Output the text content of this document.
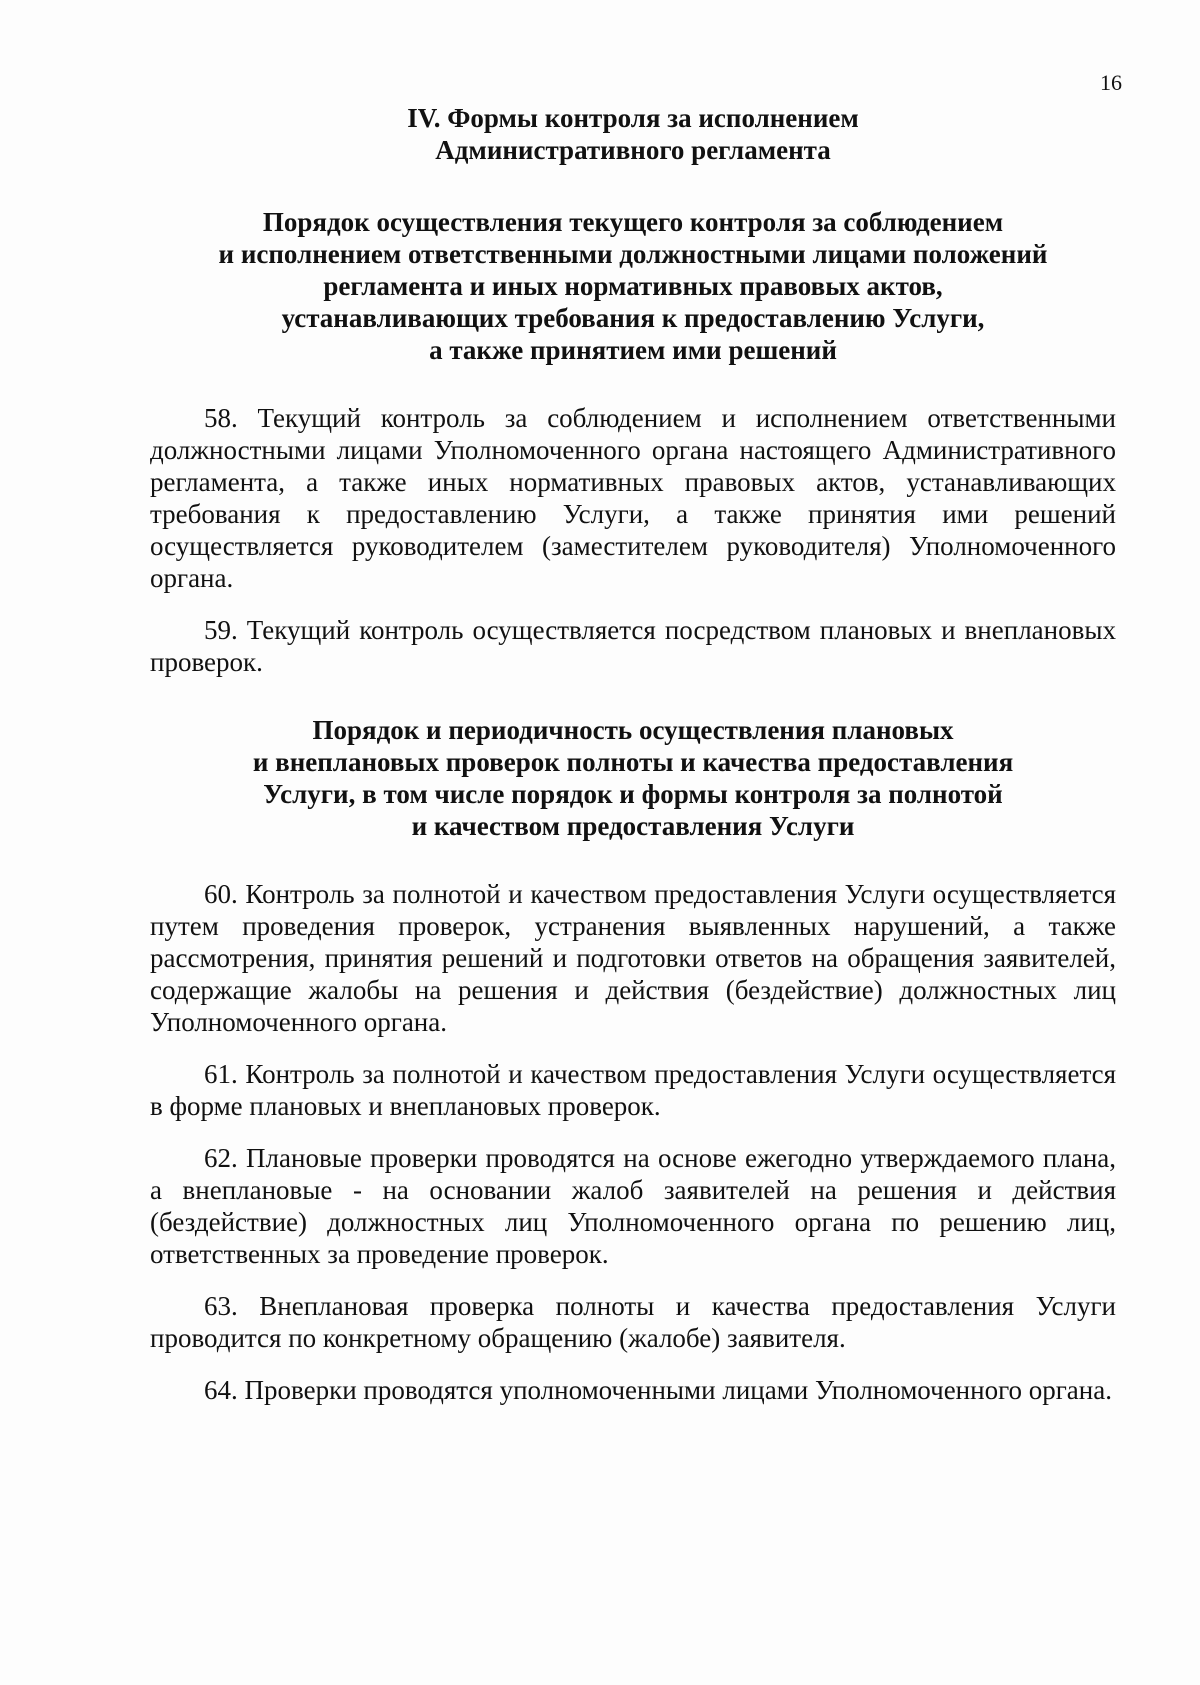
16
IV. Формы контроля за исполнением
Административного регламента
Порядок осуществления текущего контроля за соблюдением
и исполнением ответственными должностными лицами положений
регламента и иных нормативных правовых актов,
устанавливающих требования к предоставлению Услуги,
а также принятием ими решений

58. Текущий контроль за соблюдением и исполнением ответственными должностными лицами Уполномоченного органа настоящего Административного регламента, а также иных нормативных правовых актов, устанавливающих требования к предоставлению Услуги, а также принятия ими решений осуществляется руководителем (заместителем руководителя) Уполномоченного органа.

59. Текущий контроль осуществляется посредством плановых и внеплановых проверок.

Порядок и периодичность осуществления плановых
и внеплановых проверок полноты и качества предоставления
Услуги, в том числе порядок и формы контроля за полнотой
и качеством предоставления Услуги

60. Контроль за полнотой и качеством предоставления Услуги осуществляется путем проведения проверок, устранения выявленных нарушений, а также рассмотрения, принятия решений и подготовки ответов на обращения заявителей, содержащие жалобы на решения и действия (бездействие) должностных лиц Уполномоченного органа.

61. Контроль за полнотой и качеством предоставления Услуги осуществляется в форме плановых и внеплановых проверок.

62. Плановые проверки проводятся на основе ежегодно утверждаемого плана, а внеплановые - на основании жалоб заявителей на решения и действия (бездействие) должностных лиц Уполномоченного органа по решению лиц, ответственных за проведение проверок.

63. Внеплановая проверка полноты и качества предоставления Услуги проводится по конкретному обращению (жалобе) заявителя.

64. Проверки проводятся уполномоченными лицами Уполномоченного органа.
